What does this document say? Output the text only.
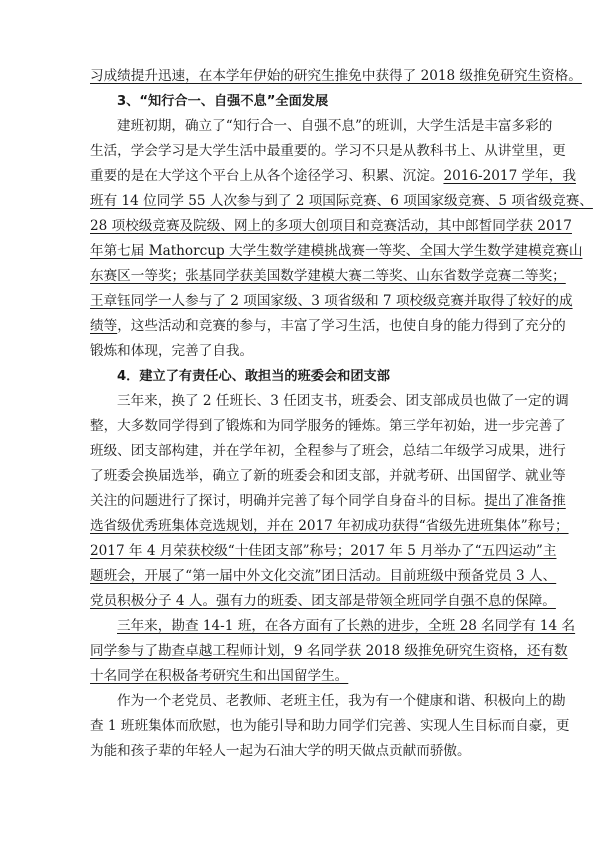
习成绩提升迅速，在本学年伊始的研究生推免中获得了 2018 级推免研究生资格。
3、“知行合一、自强不息”全面发展
建班初期，确立了“知行合一、自强不息”的班训，大学生活是丰富多彩的
生活，学会学习是大学生活中最重要的。学习不只是从教科书上、从讲堂里，更
重要的是在大学这个平台上从各个途径学习、积累、沉淀。2016-2017 学年，我
班有 14 位同学 55 人次参与到了 2 项国际竞赛、6 项国家级竞赛、5 项省级竞赛、
28 项校级竞赛及院级、网上的多项大创项目和竞赛活动，其中郎皙同学获 2017
年第七届 Mathorcup 大学生数学建模挑战赛一等奖、全国大学生数学建模竞赛山
东赛区一等奖；张基同学获美国数学建模大赛二等奖、山东省数学竞赛二等奖；
王章钰同学一人参与了 2 项国家级、3 项省级和 7 项校级竞赛并取得了较好的成
绩等，这些活动和竞赛的参与，丰富了学习生活，也使自身的能力得到了充分的
锻炼和体现，完善了自我。
4．建立了有责任心、敢担当的班委会和团支部
三年来，换了 2 任班长、3 任团支书，班委会、团支部成员也做了一定的调
整，大多数同学得到了锻炼和为同学服务的锤炼。第三学年初始，进一步完善了
班级、团支部构建，并在学年初，全程参与了班会，总结二年级学习成果，进行
了班委会换届选举，确立了新的班委会和团支部，并就考研、出国留学、就业等
关注的问题进行了探讨，明确并完善了每个同学自身奋斗的目标。提出了准备推
选省级优秀班集体竞选规划，并在 2017 年初成功获得“省级先进班集体”称号；
2017 年 4 月荣获校级“十佳团支部”称号；2017 年 5 月举办了“五四运动”主
题班会，开展了“第一届中外文化交流”团日活动。目前班级中预备党员 3 人、
党员积极分子 4 人。强有力的班委、团支部是带领全班同学自强不息的保障。
三年来，勘查 14-1 班，在各方面有了长熟的进步，全班 28 名同学有 14 名
同学参与了勘查卓越工程师计划，9 名同学获 2018 级推免研究生资格，还有数
十名同学在积极备考研究生和出国留学生。
作为一个老党员、老教师、老班主任，我为有一个健康和谐、积极向上的勘
查 1 班班集体而欣慰，也为能引导和助力同学们完善、实现人生目标而自豪，更
为能和孩子辈的年轻人一起为石油大学的明天做点贡献而骄傲。
